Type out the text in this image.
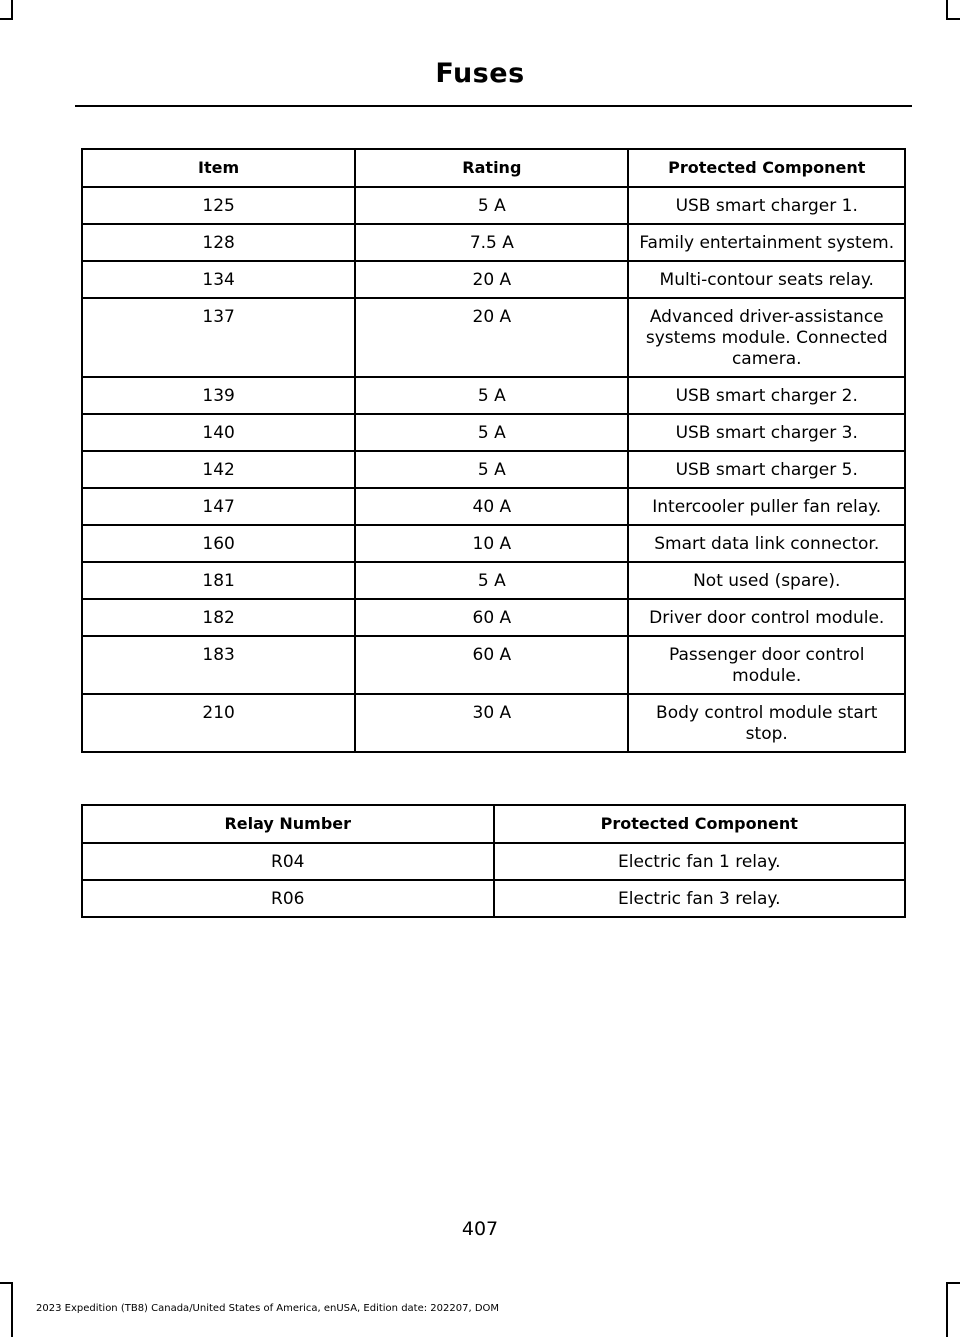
Fuses
Item	Rating	Protected Component
125	5 A	USB smart charger 1.
128	7.5 A	Family entertainment system.
134	20 A	Multi-contour seats relay.
137	20 A	Advanced driver-assistance systems module. Connected camera.
139	5 A	USB smart charger 2.
140	5 A	USB smart charger 3.
142	5 A	USB smart charger 5.
147	40 A	Intercooler puller fan relay.
160	10 A	Smart data link connector.
181	5 A	Not used (spare).
182	60 A	Driver door control module.
183	60 A	Passenger door control module.
210	30 A	Body control module start stop.
Relay Number	Protected Component
R04	Electric fan 1 relay.
R06	Electric fan 3 relay.
407
2023 Expedition (TB8) Canada/United States of America, enUSA, Edition date: 202207, DOM
